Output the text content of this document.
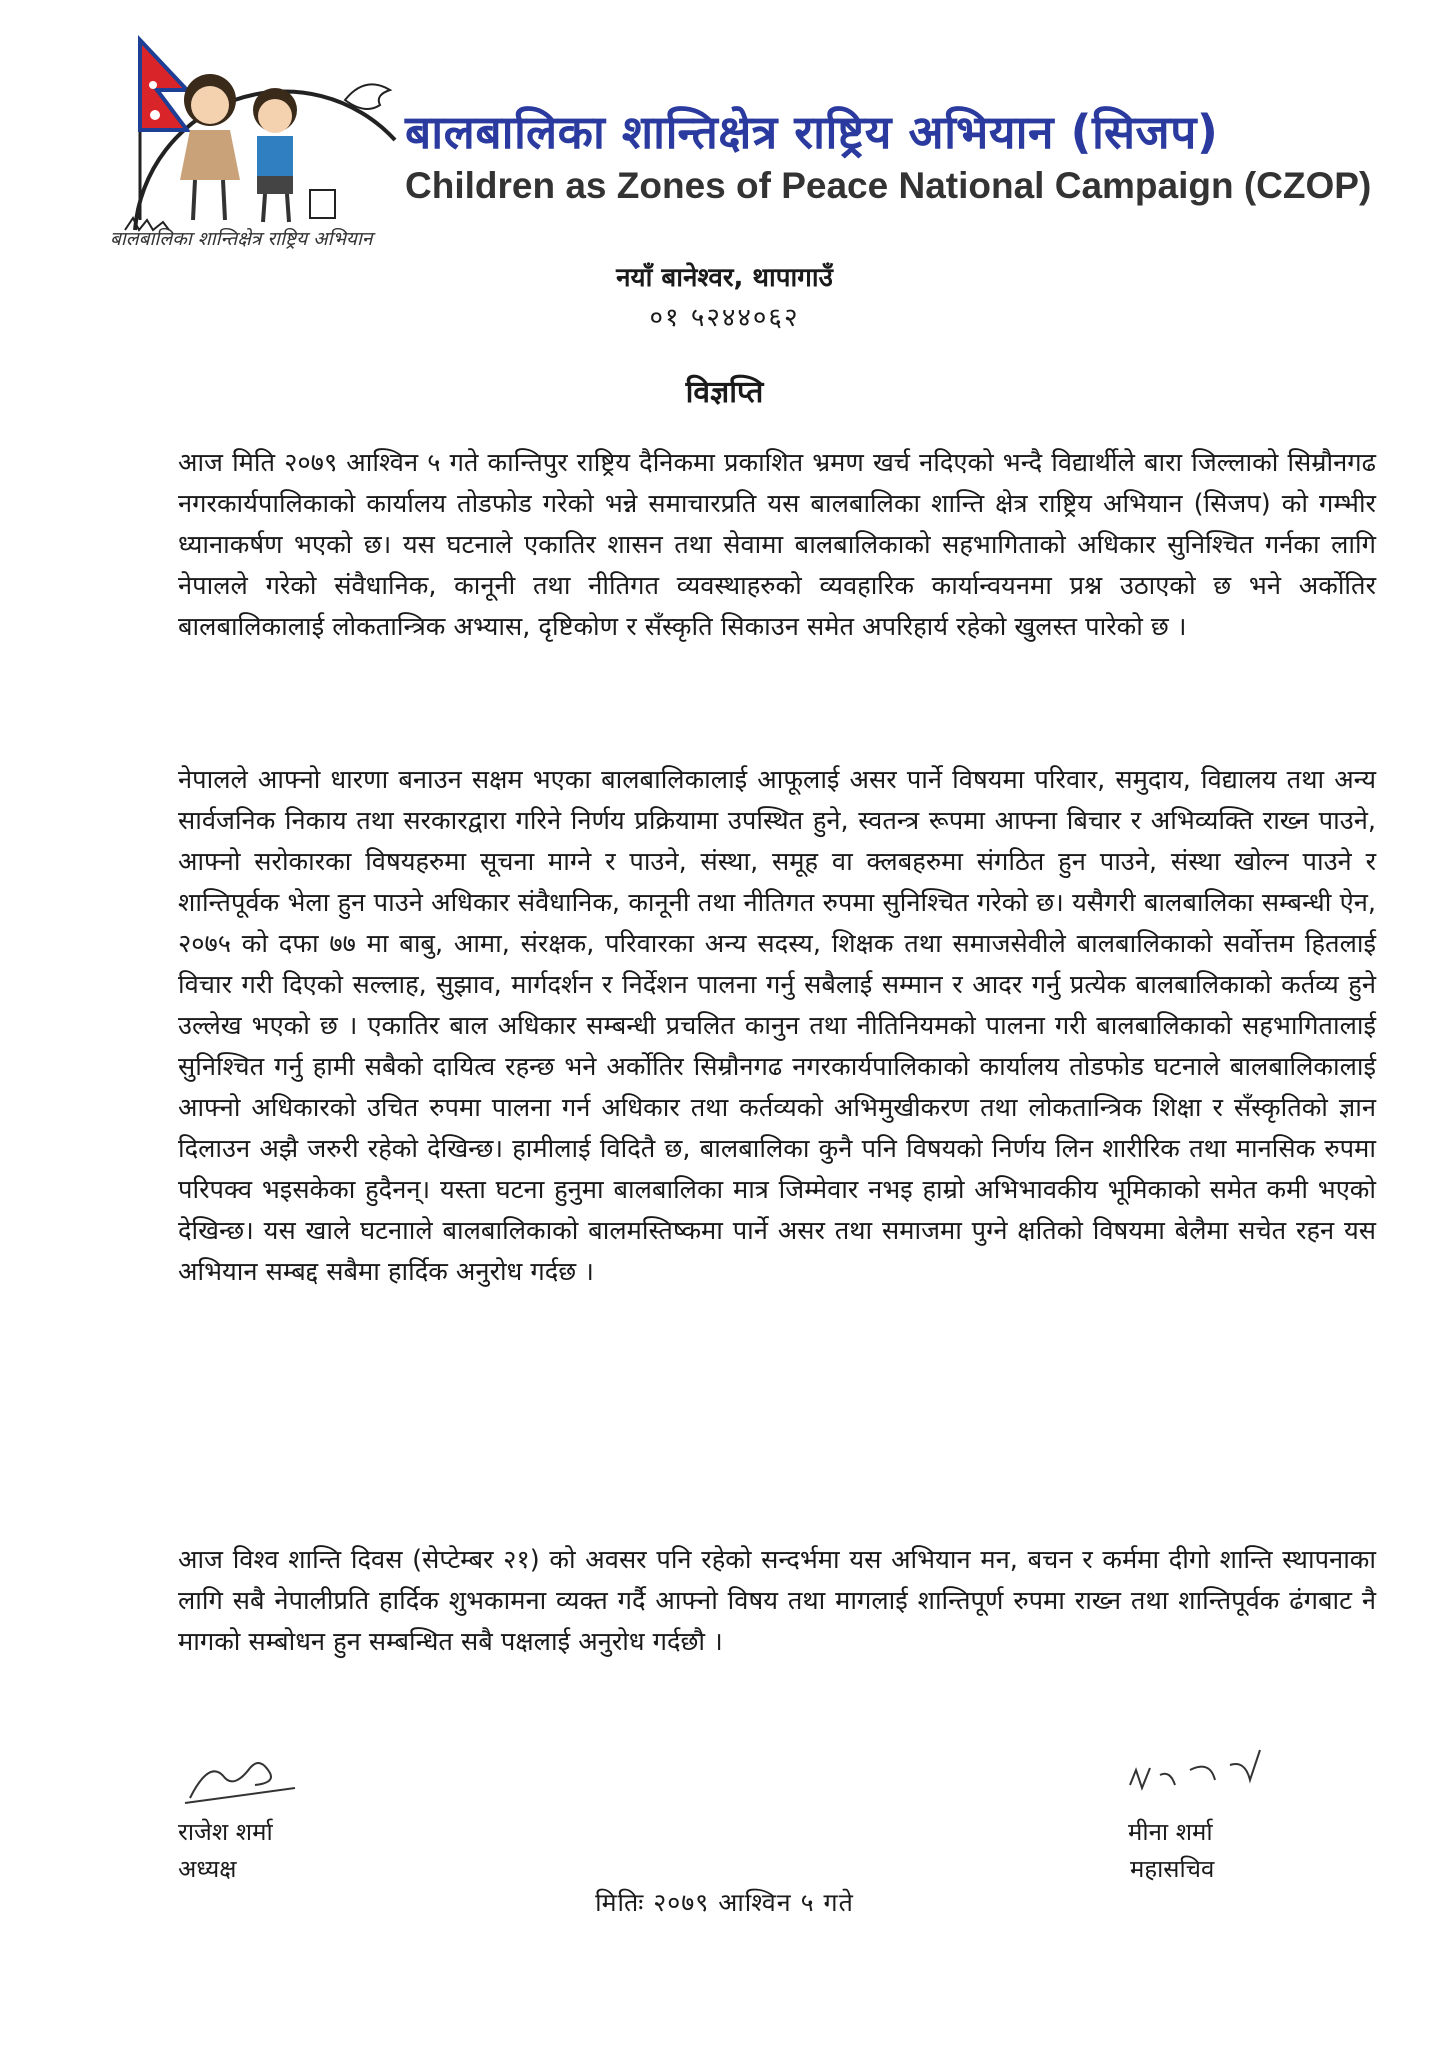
बालबालिका शान्तिक्षेत्र राष्ट्रिय अभियान
बालबालिका शान्तिक्षेत्र राष्ट्रिय अभियान (सिजप)
Children as Zones of Peace National Campaign (CZOP)
नयाँ बानेश्वर, थापागाउँ
०१ ५२४४०६२
विज्ञप्ति

आज मिति २०७९ आश्विन ५ गते कान्तिपुर राष्ट्रिय दैनिकमा प्रकाशित भ्रमण खर्च नदिएको भन्दै विद्यार्थीले बारा जिल्लाको सिम्रौनगढ नगरकार्यपालिकाको कार्यालय तोडफोड गरेको भन्ने समाचारप्रति यस बालबालिका शान्ति क्षेत्र राष्ट्रिय अभियान (सिजप) को गम्भीर ध्यानाकर्षण भएको छ। यस घटनाले एकातिर शासन तथा सेवामा बालबालिकाको सहभागिताको अधिकार सुनिश्चित गर्नका लागि नेपालले गरेको संवैधानिक, कानूनी तथा नीतिगत व्यवस्थाहरुको व्यवहारिक कार्यान्वयनमा प्रश्न उठाएको छ भने अर्कोतिर बालबालिकालाई लोकतान्त्रिक अभ्यास, दृष्टिकोण र सँस्कृति सिकाउन समेत अपरिहार्य रहेको खुलस्त पारेको छ ।

नेपालले आफ्नो धारणा बनाउन सक्षम भएका बालबालिकालाई आफूलाई असर पार्ने विषयमा परिवार, समुदाय, विद्यालय तथा अन्य सार्वजनिक निकाय तथा सरकारद्वारा गरिने निर्णय प्रक्रियामा उपस्थित हुने, स्वतन्त्र रूपमा आफ्ना बिचार र अभिव्यक्ति राख्न पाउने, आफ्नो सरोकारका विषयहरुमा सूचना माग्ने र पाउने, संस्था, समूह वा क्लबहरुमा संगठित हुन पाउने, संस्था खोल्न पाउने र शान्तिपूर्वक भेला हुन पाउने अधिकार संवैधानिक, कानूनी तथा नीतिगत रुपमा सुनिश्चित गरेको छ। यसैगरी बालबालिका सम्बन्धी ऐन, २०७५ को दफा ७७ मा बाबु, आमा, संरक्षक, परिवारका अन्य सदस्य, शिक्षक तथा समाजसेवीले बालबालिकाको सर्वोत्तम हितलाई विचार गरी दिएको सल्लाह, सुझाव, मार्गदर्शन र निर्देशन पालना गर्नु सबैलाई सम्मान र आदर गर्नु प्रत्येक बालबालिकाको कर्तव्य हुने उल्लेख भएको छ । एकातिर बाल अधिकार सम्बन्धी प्रचलित कानुन तथा नीतिनियमको पालना गरी बालबालिकाको सहभागितालाई सुनिश्चित गर्नु हामी सबैको दायित्व रहन्छ भने अर्कोतिर सिम्रौनगढ नगरकार्यपालिकाको कार्यालय तोडफोड घटनाले बालबालिकालाई आफ्नो अधिकारको उचित रुपमा पालना गर्न अधिकार तथा कर्तव्यको अभिमुखीकरण तथा लोकतान्त्रिक शिक्षा र सँस्कृतिको ज्ञान दिलाउन अझै जरुरी रहेको देखिन्छ। हामीलाई विदितै छ, बालबालिका कुनै पनि विषयको निर्णय लिन शारीरिक तथा मानसिक रुपमा परिपक्व भइसकेका हुदैनन्। यस्ता घटना हुनुमा बालबालिका मात्र जिम्मेवार नभइ हाम्रो अभिभावकीय भूमिकाको समेत कमी भएको देखिन्छ। यस खाले घटनााले बालबालिकाको बालमस्तिष्कमा पार्ने असर तथा समाजमा पुग्ने क्षतिको विषयमा बेलैमा सचेत रहन यस अभियान सम्बद्द सबैमा हार्दिक अनुरोध गर्दछ ।

आज विश्व शान्ति दिवस (सेप्टेम्बर २१) को अवसर पनि रहेको सन्दर्भमा यस अभियान मन, बचन र कर्ममा दीगो शान्ति स्थापनाका लागि सबै नेपालीप्रति हार्दिक शुभकामना व्यक्त गर्दै आफ्नो विषय तथा मागलाई शान्तिपूर्ण रुपमा राख्न तथा शान्तिपूर्वक ढंगबाट नै मागको सम्बोधन हुन सम्बन्धित सबै पक्षलाई अनुरोध गर्दछौ ।

राजेश शर्मा
अध्यक्ष
मीना शर्मा
महासचिव
मितिः २०७९ आश्विन ५ गते
